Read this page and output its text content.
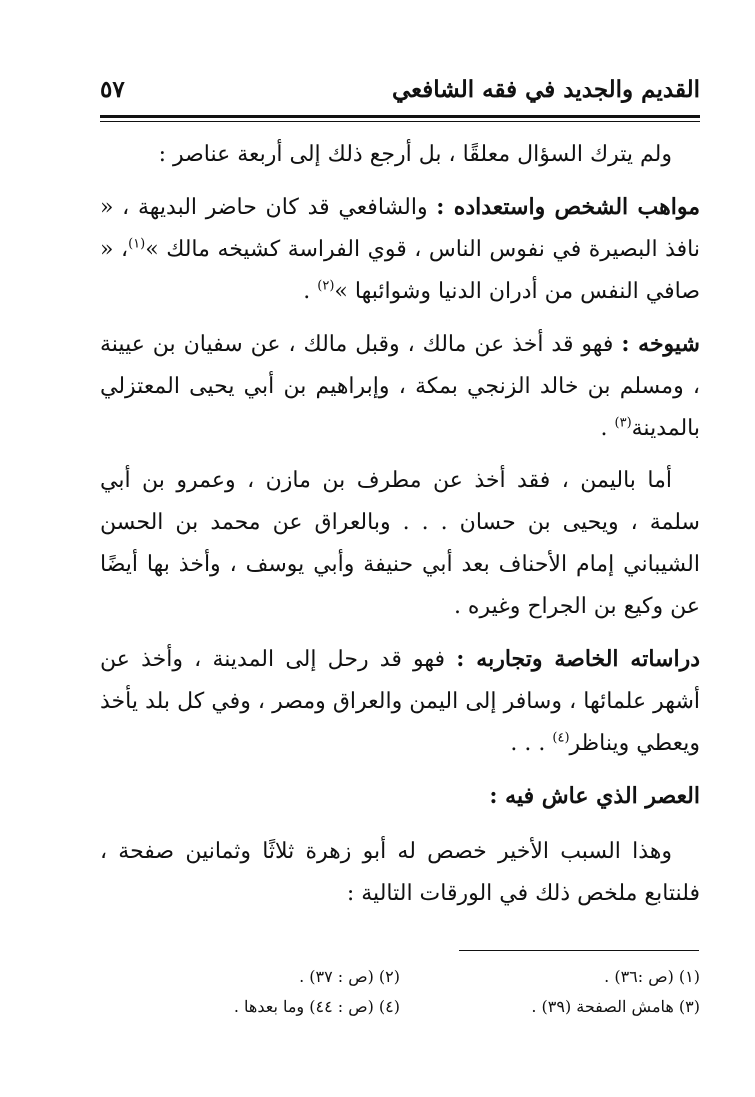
القديم والجديد في فقه الشافعي
٥٧

ولم يترك السؤال معلقًا ، بل أرجع ذلك إلى أربعة عناصر :

مواهب الشخص واستعداده : والشافعي قد كان حاضر البديهة ، « نافذ البصيرة في نفوس الناس ، قوي الفراسة كشيخه مالك »$^{(١)}$، « صافي النفس من أدران الدنيا وشوائبها »$^{(٢)}$ .

شيوخه : فهو قد أخذ عن مالك ، وقبل مالك ، عن سفيان بن عيينة ، ومسلم بن خالد الزنجي بمكة ، وإبراهيم بن أبي يحيى المعتزلي بالمدينة$^{(٣)}$ .

أما باليمن ، فقد أخذ عن مطرف بن مازن ، وعمرو بن أبي سلمة ، ويحيى بن حسان . . . وبالعراق عن محمد بن الحسن الشيباني إمام الأحناف بعد أبي حنيفة وأبي يوسف ، وأخذ بها أيضًا عن وكيع بن الجراح وغيره .

دراساته الخاصة وتجاربه : فهو قد رحل إلى المدينة ، وأخذ عن أشهر علمائها ، وسافر إلى اليمن والعراق ومصر ، وفي كل بلد يأخذ ويعطي ويناظر$^{(٤)}$ . . .

العصر الذي عاش فيه :

وهذا السبب الأخير خصص له أبو زهرة ثلاثًا وثمانين صفحة ، فلنتابع ملخص ذلك في الورقات التالية :

(١) (ص :٣٦) .
(٢) (ص : ٣٧) .
(٣) هامش الصفحة (٣٩) .
(٤) (ص : ٤٤) وما بعدها .
